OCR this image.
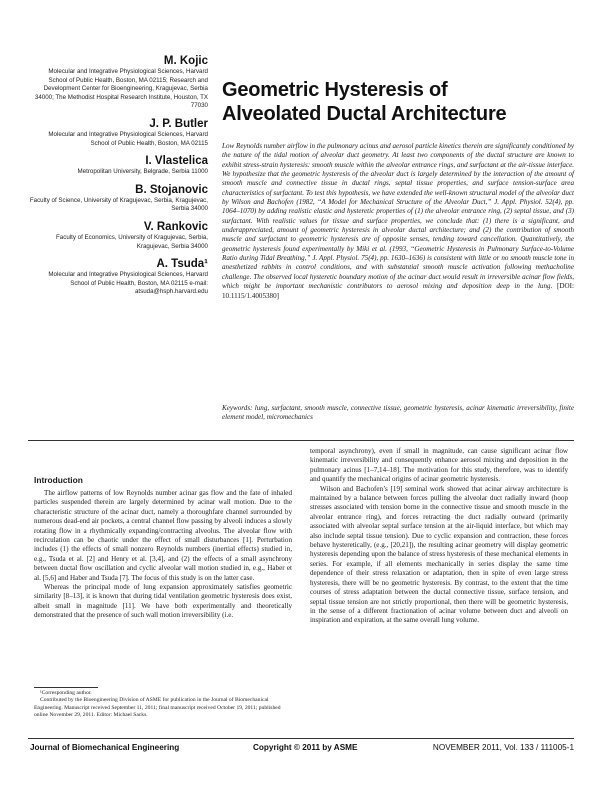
M. Kojic
Molecular and Integrative Physiological Sciences, Harvard School of Public Health, Boston, MA 02115; Research and Development Center for Bioengineering, Kragujevac, Serbia 34000; The Methodist Hospital Research Institute, Houston, TX 77030
J. P. Butler
Molecular and Integrative Physiological Sciences, Harvard School of Public Health, Boston, MA 02115
I. Vlastelica
Metropolitan University, Belgrade, Serbia 11000
B. Stojanovic
Faculty of Science, University of Kragujevac, Serbia, Kragujevac, Serbia 34000
V. Rankovic
Faculty of Economics, University of Kragujevac, Serbia, Kragujevac, Serbia 34000
A. Tsuda¹
Molecular and Integrative Physiological Sciences, Harvard School of Public Health, Boston, MA 02115 e-mail: atsuda@hsph.harvard.edu
Geometric Hysteresis of
Alveolated Ductal Architecture
Low Reynolds number airflow in the pulmonary acinus and aerosol particle kinetics therein are significantly conditioned by the nature of the tidal motion of alveolar duct geometry. At least two components of the ductal structure are known to exhibit stress-strain hysteresis: smooth muscle within the alveolar entrance rings, and surfactant at the air-tissue interface. We hypothesize that the geometric hysteresis of the alveolar duct is largely determined by the interaction of the amount of smooth muscle and connective tissue in ductal rings, septal tissue properties, and surface tension-surface area characteristics of surfactant. To test this hypothesis, we have extended the well-known structural model of the alveolar duct by Wilson and Bachofen (1982, “A Model for Mechanical Structure of the Alveolar Duct,” J. Appl. Physiol. 52(4), pp. 1064–1070) by adding realistic elastic and hysteretic properties of (1) the alveolar entrance ring, (2) septal tissue, and (3) surfactant. With realistic values for tissue and surface properties, we conclude that: (1) there is a significant, and underappreciated, amount of geometric hysteresis in alveolar ductal architecture; and (2) the contribution of smooth muscle and surfactant to geometric hysteresis are of opposite senses, tending toward cancellation. Quantitatively, the geometric hysteresis found experimentally by Miki et al. (1993, “Geometric Hysteresis in Pulmonary Surface-to-Volume Ratio during Tidal Breathing,” J. Appl. Physiol. 75(4), pp. 1630–1636) is consistent with little or no smooth muscle tone in anesthetized rabbits in control conditions, and with substantial smooth muscle activation following methacholine challenge. The observed local hysteretic boundary motion of the acinar duct would result in irreversible acinar flow fields, which might be important mechanistic contributors to aerosol mixing and deposition deep in the lung. [DOI: 10.1115/1.4005380]
Keywords: lung, surfactant, smooth muscle, connective tissue, geometric hysteresis, acinar kinematic irreversibility, finite element model, micromechanics
Introduction

The airflow patterns of low Reynolds number acinar gas flow and the fate of inhaled particles suspended therein are largely determined by acinar wall motion. Due to the characteristic structure of the acinar duct, namely a thoroughfare channel surrounded by numerous dead-end air pockets, a central channel flow passing by alveoli induces a slowly rotating flow in a rhythmically expanding/contracting alveolus. The alveolar flow with recirculation can be chaotic under the effect of small disturbances [1]. Perturbation includes (1) the effects of small nonzero Reynolds numbers (inertial effects) studied in, e.g., Tsuda et al. [2] and Henry et al. [3,4], and (2) the effects of a small asynchrony between ductal flow oscillation and cyclic alveolar wall motion studied in, e.g., Haber et al. [5,6] and Haber and Tsuda [7]. The focus of this study is on the latter case.

Whereas the principal mode of lung expansion approximately satisfies geometric similarity [8–13], it is known that during tidal ventilation geometric hysteresis does exist, albeit small in magnitude [11]. We have both experimentally and theoretically demonstrated that the presence of such wall motion irreversibility (i.e.

temporal asynchrony), even if small in magnitude, can cause significant acinar flow kinematic irreversibility and consequently enhance aerosol mixing and deposition in the pulmonary acinus [1–7,14–18]. The motivation for this study, therefore, was to identify and quantify the mechanical origins of acinar geometric hysteresis.

Wilson and Bachofen’s [19] seminal work showed that acinar airway architecture is maintained by a balance between forces pulling the alveolar duct radially inward (hoop stresses associated with tension borne in the connective tissue and smooth muscle in the alveolar entrance ring), and forces retracting the duct radially outward (primarily associated with alveolar septal surface tension at the air-liquid interface, but which may also include septal tissue tension). Due to cyclic expansion and contraction, these forces behave hysteretically, (e.g., [20,21]), the resulting acinar geometry will display geometric hysteresis depending upon the balance of stress hysteresis of these mechanical elements in series. For example, if all elements mechanically in series display the same time dependence of their stress relaxation or adaptation, then in spite of even large stress hysteresis, there will be no geometric hysteresis. By contrast, to the extent that the time courses of stress adaptation between the ductal connective tissue, surface tension, and septal tissue tension are not strictly proportional, then there will be geometric hysteresis, in the sense of a different fractionation of acinar volume between duct and alveoli on inspiration and expiration, at the same overall lung volume.

¹Corresponding author.

Contributed by the Bioengineering Division of ASME for publication in the Journal of Biomechanical Engineering. Manuscript received September 11, 2011; final manuscript received October 19, 2011; published online November 29, 2011. Editor: Michael Sacks.

Journal of Biomechanical Engineering	Copyright © 2011 by ASME	NOVEMBER 2011, Vol. 133 / 111005-1
